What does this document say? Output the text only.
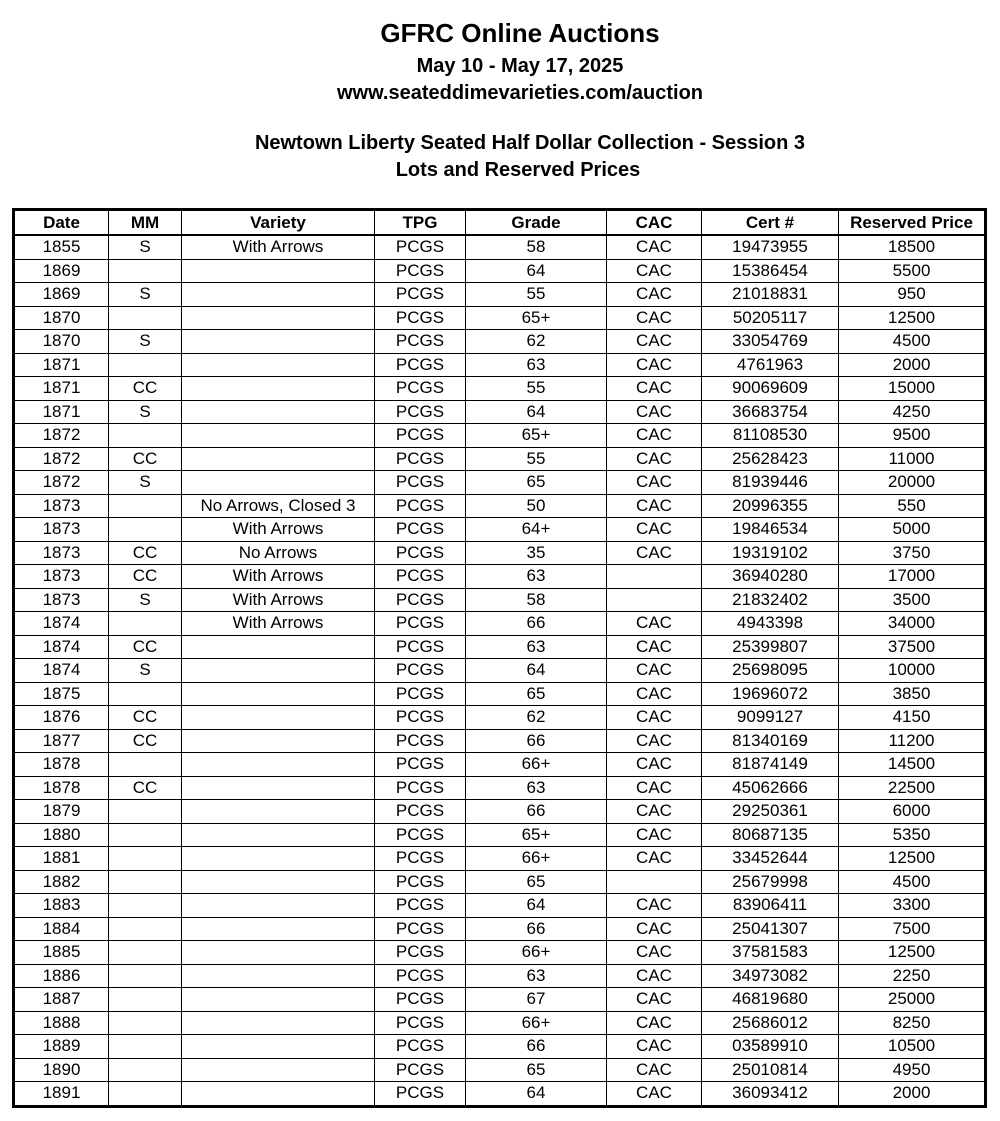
GFRC Online Auctions
May 10 - May 17, 2025
www.seateddimevarieties.com/auction
Newtown Liberty Seated Half Dollar Collection - Session 3
Lots and Reserved Prices
Date	MM	Variety	TPG	Grade	CAC	Cert #	Reserved Price
1855	S	With Arrows	PCGS	58	CAC	19473955	18500
1869			PCGS	64	CAC	15386454	5500
1869	S		PCGS	55	CAC	21018831	950
1870			PCGS	65+	CAC	50205117	12500
1870	S		PCGS	62	CAC	33054769	4500
1871			PCGS	63	CAC	4761963	2000
1871	CC		PCGS	55	CAC	90069609	15000
1871	S		PCGS	64	CAC	36683754	4250
1872			PCGS	65+	CAC	81108530	9500
1872	CC		PCGS	55	CAC	25628423	11000
1872	S		PCGS	65	CAC	81939446	20000
1873		No Arrows, Closed 3	PCGS	50	CAC	20996355	550
1873		With Arrows	PCGS	64+	CAC	19846534	5000
1873	CC	No Arrows	PCGS	35	CAC	19319102	3750
1873	CC	With Arrows	PCGS	63		36940280	17000
1873	S	With Arrows	PCGS	58		21832402	3500
1874		With Arrows	PCGS	66	CAC	4943398	34000
1874	CC		PCGS	63	CAC	25399807	37500
1874	S		PCGS	64	CAC	25698095	10000
1875			PCGS	65	CAC	19696072	3850
1876	CC		PCGS	62	CAC	9099127	4150
1877	CC		PCGS	66	CAC	81340169	11200
1878			PCGS	66+	CAC	81874149	14500
1878	CC		PCGS	63	CAC	45062666	22500
1879			PCGS	66	CAC	29250361	6000
1880			PCGS	65+	CAC	80687135	5350
1881			PCGS	66+	CAC	33452644	12500
1882			PCGS	65		25679998	4500
1883			PCGS	64	CAC	83906411	3300
1884			PCGS	66	CAC	25041307	7500
1885			PCGS	66+	CAC	37581583	12500
1886			PCGS	63	CAC	34973082	2250
1887			PCGS	67	CAC	46819680	25000
1888			PCGS	66+	CAC	25686012	8250
1889			PCGS	66	CAC	03589910	10500
1890			PCGS	65	CAC	25010814	4950
1891			PCGS	64	CAC	36093412	2000
